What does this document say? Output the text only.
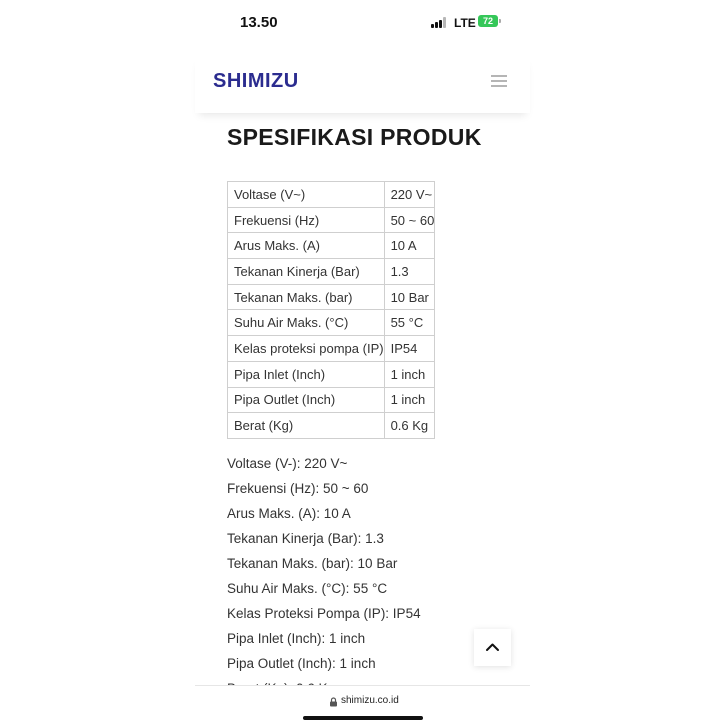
13.50	LTE 72
SHIMIZU
SPESIFIKASI PRODUK
Voltase (V~)	220 V~
Frekuensi (Hz)	50 ~ 60
Arus Maks. (A)	10 A
Tekanan Kinerja (Bar)	1.3
Tekanan Maks. (bar)	10 Bar
Suhu Air Maks. (°C)	55 °C
Kelas proteksi pompa (IP)	IP54
Pipa Inlet (Inch)	1 inch
Pipa Outlet (Inch)	1 inch
Berat (Kg)	0.6 Kg
Voltase (V-): 220 V~
Frekuensi (Hz): 50 ~ 60
Arus Maks. (A): 10 A
Tekanan Kinerja (Bar): 1.3
Tekanan Maks. (bar): 10 Bar
Suhu Air Maks. (°C): 55 °C
Kelas Proteksi Pompa (IP): IP54
Pipa Inlet (Inch): 1 inch
Pipa Outlet (Inch): 1 inch
shimizu.co.id
